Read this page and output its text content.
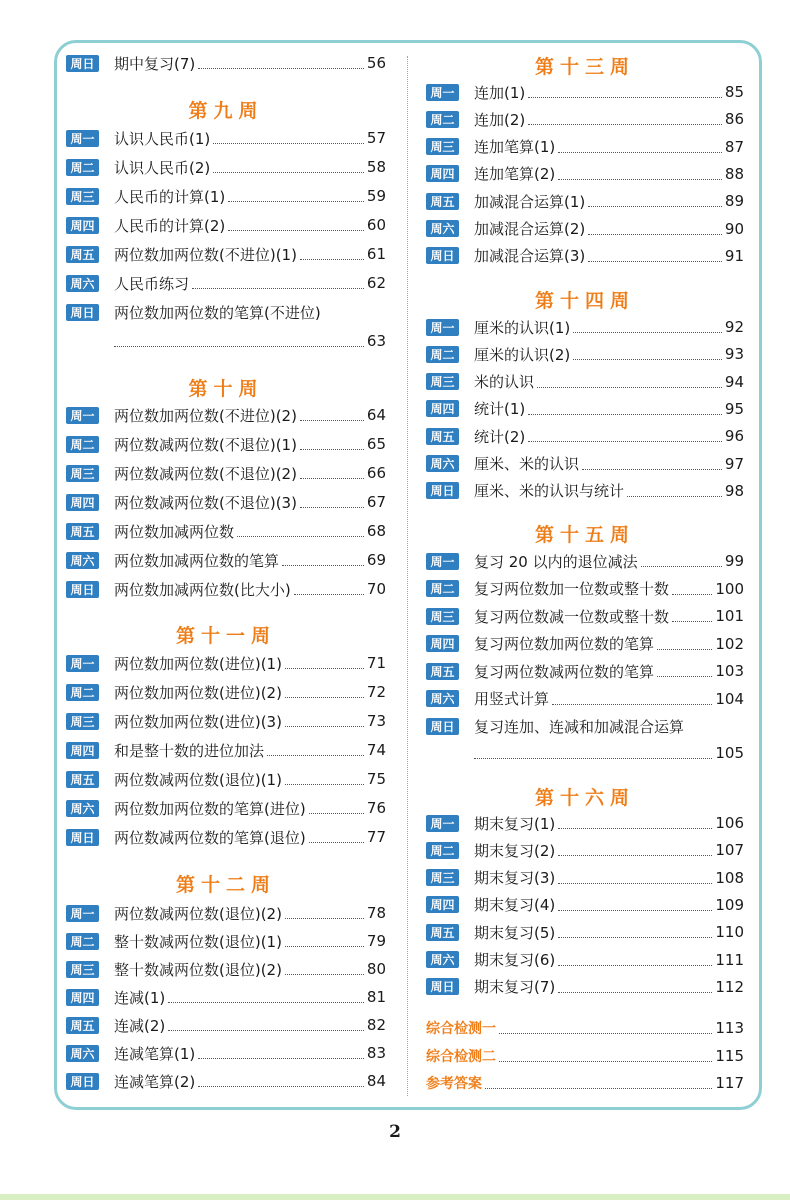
周日	期中复习(7)	56
第九周
周一	认识人民币(1)	57
周二	认识人民币(2)	58
周三	人民币的计算(1)	59
周四	人民币的计算(2)	60
周五	两位数加两位数(不进位)(1)	61
周六	人民币练习	62
周日	两位数加两位数的笔算(不进位)
63
第十周
周一	两位数加两位数(不进位)(2)	64
周二	两位数减两位数(不退位)(1)	65
周三	两位数减两位数(不退位)(2)	66
周四	两位数减两位数(不退位)(3)	67
周五	两位数加减两位数	68
周六	两位数加减两位数的笔算	69
周日	两位数加减两位数(比大小)	70
第十一周
周一	两位数加两位数(进位)(1)	71
周二	两位数加两位数(进位)(2)	72
周三	两位数加两位数(进位)(3)	73
周四	和是整十数的进位加法	74
周五	两位数减两位数(退位)(1)	75
周六	两位数加两位数的笔算(进位)	76
周日	两位数减两位数的笔算(退位)	77
第十二周
周一	两位数减两位数(退位)(2)	78
周二	整十数减两位数(退位)(1)	79
周三	整十数减两位数(退位)(2)	80
周四	连减(1)	81
周五	连减(2)	82
周六	连减笔算(1)	83
周日	连减笔算(2)	84
第十三周
周一	连加(1)	85
周二	连加(2)	86
周三	连加笔算(1)	87
周四	连加笔算(2)	88
周五	加减混合运算(1)	89
周六	加减混合运算(2)	90
周日	加减混合运算(3)	91
第十四周
周一	厘米的认识(1)	92
周二	厘米的认识(2)	93
周三	米的认识	94
周四	统计(1)	95
周五	统计(2)	96
周六	厘米、米的认识	97
周日	厘米、米的认识与统计	98
第十五周
周一	复习 20 以内的退位减法	99
周二	复习两位数加一位数或整十数	100
周三	复习两位数减一位数或整十数	101
周四	复习两位数加两位数的笔算	102
周五	复习两位数减两位数的笔算	103
周六	用竖式计算	104
周日	复习连加、连减和加减混合运算
105
第十六周
周一	期末复习(1)	106
周二	期末复习(2)	107
周三	期末复习(3)	108
周四	期末复习(4)	109
周五	期末复习(5)	110
周六	期末复习(6)	111
周日	期末复习(7)	112
综合检测一	113
综合检测二	115
参考答案	117
2
